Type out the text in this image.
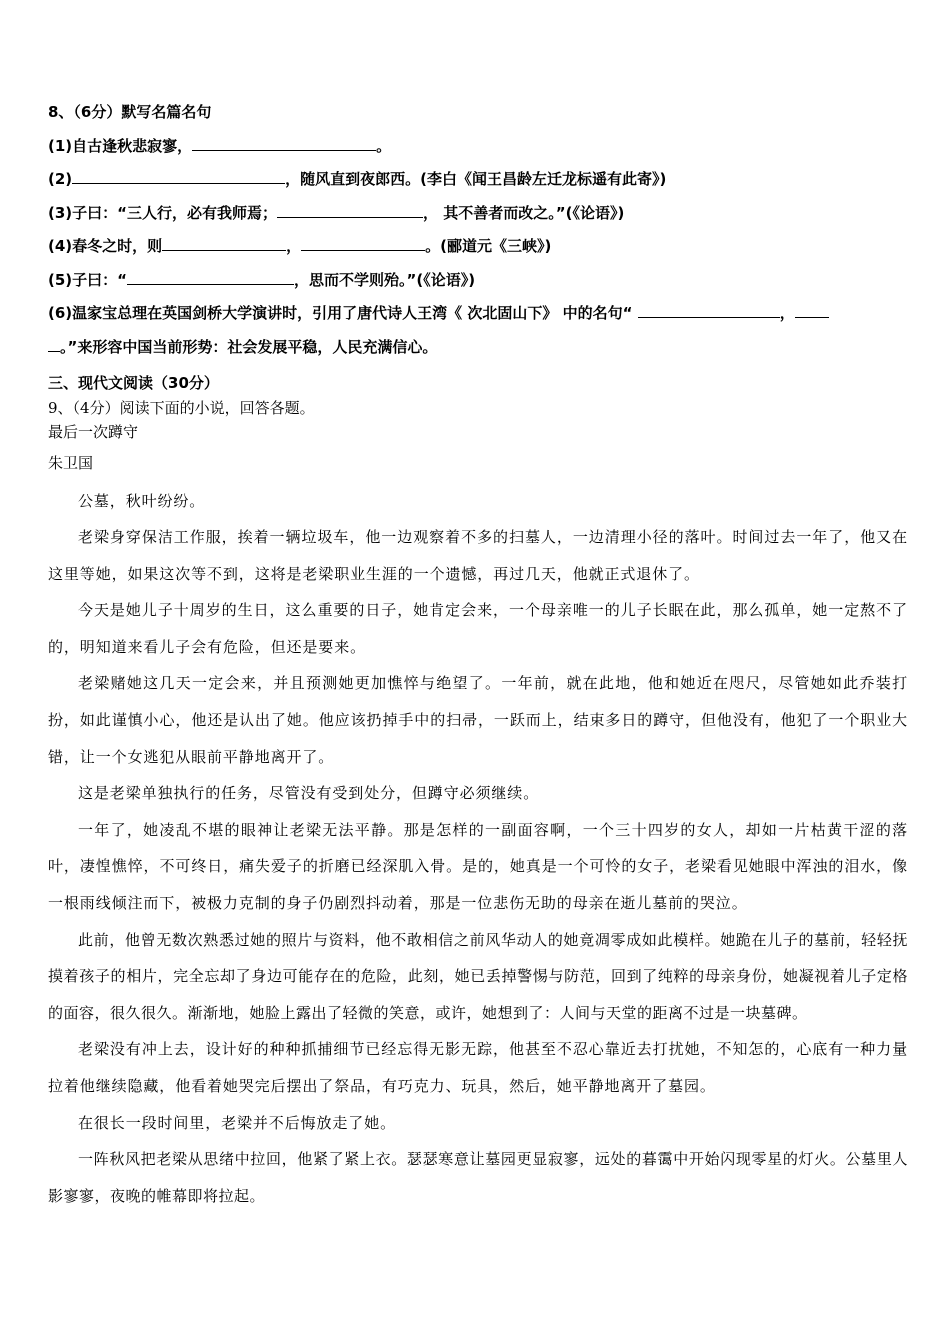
8、（6分）默写名篇名句
(1)自古逢秋悲寂寥，	。
(2)	，随风直到夜郎西。(李白《闻王昌龄左迁龙标遥有此寄》)
(3)子曰：“三人行，必有我师焉；	， 其不善者而改之。”(《论语》)
(4)春冬之时，则	，	。(郦道元《三峡》)
(5)子曰：“	，思而不学则殆。”(《论语》)
(6)温家宝总理在英国剑桥大学演讲时，引用了唐代诗人王湾《 次北固山下》 中的名句“	，
。”来形容中国当前形势：社会发展平稳，人民充满信心。
三、现代文阅读（30分）
9、（4分）阅读下面的小说，回答各题。
最后一次蹲守
朱卫国

公墓，秋叶纷纷。

老梁身穿保洁工作服，挨着一辆垃圾车，他一边观察着不多的扫墓人，一边清理小径的落叶。时间过去一年了，他又在这里等她，如果这次等不到，这将是老梁职业生涯的一个遗憾，再过几天，他就正式退休了。

今天是她儿子十周岁的生日，这么重要的日子，她肯定会来，一个母亲唯一的儿子长眠在此，那么孤单，她一定熬不了的，明知道来看儿子会有危险，但还是要来。

老梁赌她这几天一定会来，并且预测她更加憔悴与绝望了。一年前，就在此地，他和她近在咫尺，尽管她如此乔装打扮，如此谨慎小心，他还是认出了她。他应该扔掉手中的扫帚，一跃而上，结束多日的蹲守，但他没有，他犯了一个职业大错，让一个女逃犯从眼前平静地离开了。

这是老梁单独执行的任务，尽管没有受到处分，但蹲守必须继续。

一年了，她凌乱不堪的眼神让老梁无法平静。那是怎样的一副面容啊，一个三十四岁的女人，却如一片枯黄干涩的落叶，凄惶憔悴，不可终日，痛失爱子的折磨已经深肌入骨。是的，她真是一个可怜的女子，老梁看见她眼中浑浊的泪水，像一根雨线倾注而下，被极力克制的身子仍剧烈抖动着，那是一位悲伤无助的母亲在逝儿墓前的哭泣。

此前，他曾无数次熟悉过她的照片与资料，他不敢相信之前风华动人的她竟凋零成如此模样。她跪在儿子的墓前，轻轻抚摸着孩子的相片，完全忘却了身边可能存在的危险，此刻，她已丢掉警惕与防范，回到了纯粹的母亲身份，她凝视着儿子定格的面容，很久很久。渐渐地，她脸上露出了轻微的笑意，或许，她想到了：人间与天堂的距离不过是一块墓碑。

老梁没有冲上去，设计好的种种抓捕细节已经忘得无影无踪，他甚至不忍心靠近去打扰她，不知怎的，心底有一种力量拉着他继续隐藏，他看着她哭完后摆出了祭品，有巧克力、玩具，然后，她平静地离开了墓园。

在很长一段时间里，老梁并不后悔放走了她。

一阵秋风把老梁从思绪中拉回，他紧了紧上衣。瑟瑟寒意让墓园更显寂寥，远处的暮霭中开始闪现零星的灯火。公墓里人影寥寥，夜晚的帷幕即将拉起。
